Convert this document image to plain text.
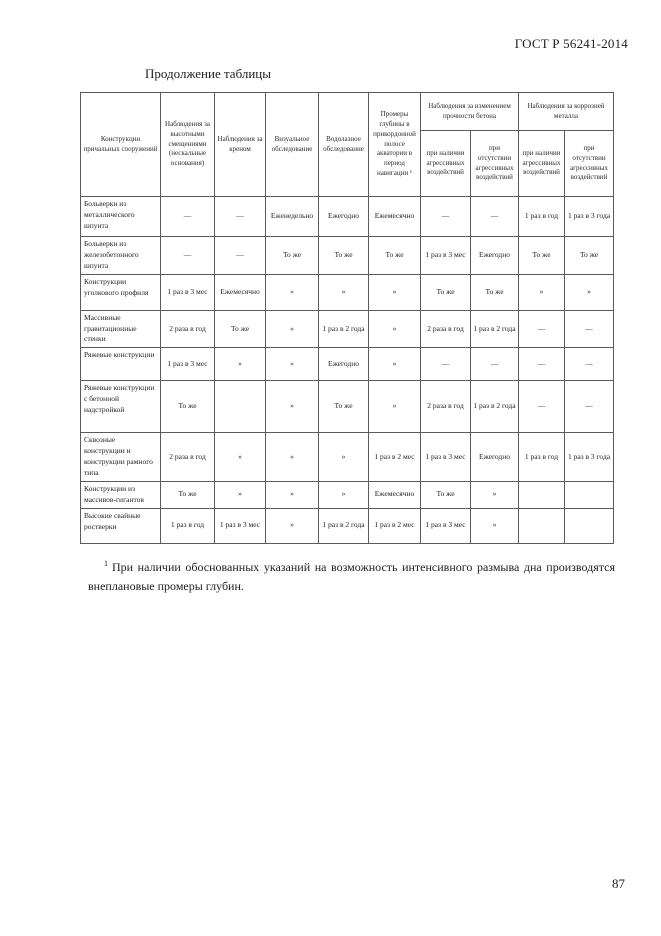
ГОСТ Р 56241-2014
Продолжение таблицы
Конструкции причальных сооружений	Наблюдения за высотными смещениями (нескальные основания)	Наблюдения за креном	Визуальное обследование	Водолазное обследование	Промеры глубины в прикордонной полосе акватории в период навигации ¹	Наблюдения за изменением прочности бетона		Наблюдения за коррозией металла	
						при наличии агрессивных воздействий	при отсутствии агрессивных воздействий	при наличии агрессивных воздействий	при отсутствии агрессивных воздействий
Больверки из металлического шпунта	—	—	Еженедельно	Ежегодно	Ежемесячно	—	—	1 раз в год	1 раз в 3 года
Больверки из железобетонного шпунта	—	—	То же	То же	То же	1 раз в 3 мес	Ежегодно	То же	То же
Конструкции уголкового профиля	1 раз в 3 мес	Ежемесячно	»	»	»	То же	То же	»	»
Массивные гравитационные стенки	2 раза в год	То же	»	1 раз в 2 года	»	2 раза в год	1 раз в 2 года	—	—
Ряжевые конструкции	1 раз в 3 мес	»	»	Ежегодно	»	—	—	—	—
Ряжевые конструкции с бетонной надстройкой	То же		»	То же	»	2 раза в год	1 раз в 2 года	—	—
Сквозные конструкции и конструкции рамного типа	2 раза в год	»	»	»	1 раз в 2 мес	1 раз в 3 мес	Ежегодно	1 раз в год	1 раз в 3 года
Конструкции из массивов-гигантов	То же	»	»	»	Ежемесячно	То же	»		
Высокие свайные ростверки	1 раз в год	1 раз в 3 мес	»	1 раз в 2 года	1 раз в 2 мес	1 раз в 3 мес	»		
$^1$ При наличии обоснованных указаний на возможность интенсивного размыва дна производятся внеплановые промеры глубин.
87
